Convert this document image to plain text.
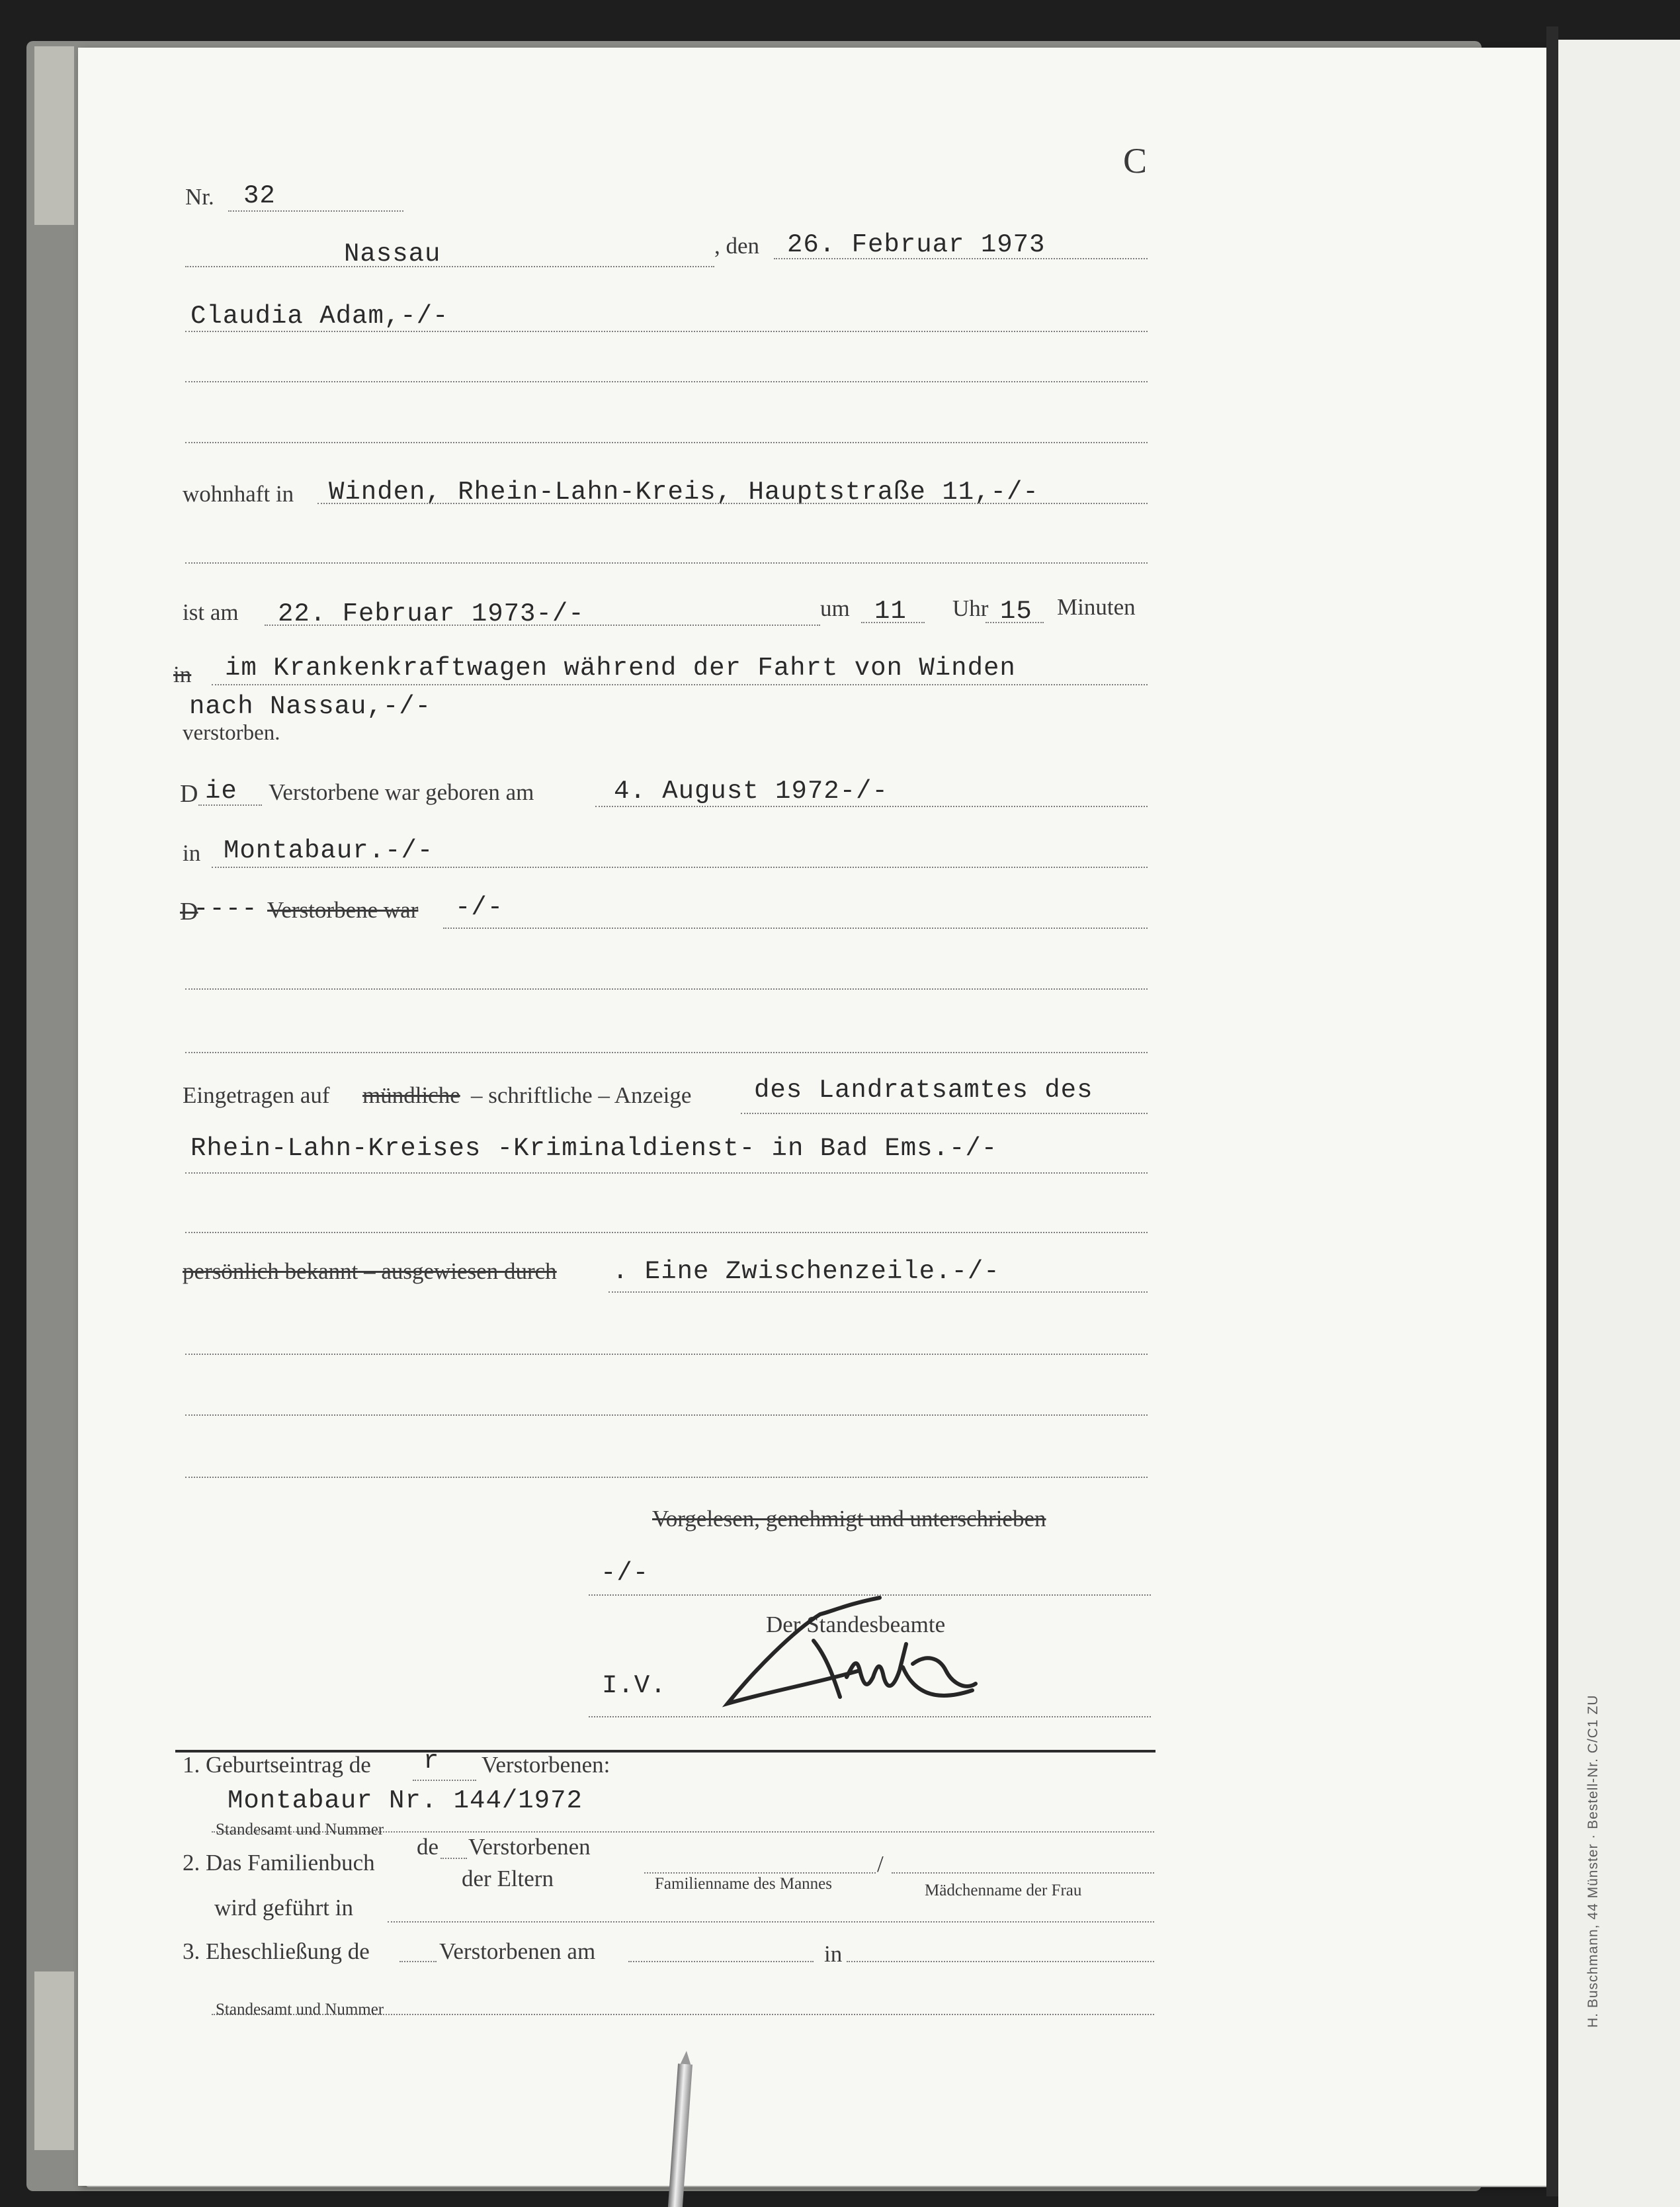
C
Nr. 32
Nassau	, den 26. Februar 1973
Claudia Adam,-/-
wohnhaft in Winden, Rhein-Lahn-Kreis, Hauptstraße 11,-/-
ist am 22. Februar 1973-/-	um 11 Uhr 15 Minuten
in im Krankenkraftwagen während der Fahrt von Winden
nach Nassau,-/-
verstorben.
D ie Verstorbene war geboren am	4. August 1972-/-
in Montabaur.-/-
D
---- Verstorbene war -/-
Eingetragen auf mündliche – schriftliche – Anzeige des Landratsamtes des
Rhein-Lahn-Kreises -Kriminaldienst- in Bad Ems.-/-
persönlich bekannt – ausgewiesen durch . Eine Zwischenzeile.-/-
Vorgelesen, genehmigt und unterschrieben
-/-
Der Standesbeamte
I.V.
1. Geburtseintrag de r Verstorbenen:
Montabaur Nr. 144/1972
Standesamt und Nummer
2. Das Familienbuch
de Verstorbenen
der Eltern
/
Familienname des Mannes	Mädchenname der Frau
wird geführt in
3. Eheschließung de	Verstorbenen am	in
Standesamt und Nummer	H. Buschmann, 44 Münster · Bestell-Nr. C/C1 ZU
